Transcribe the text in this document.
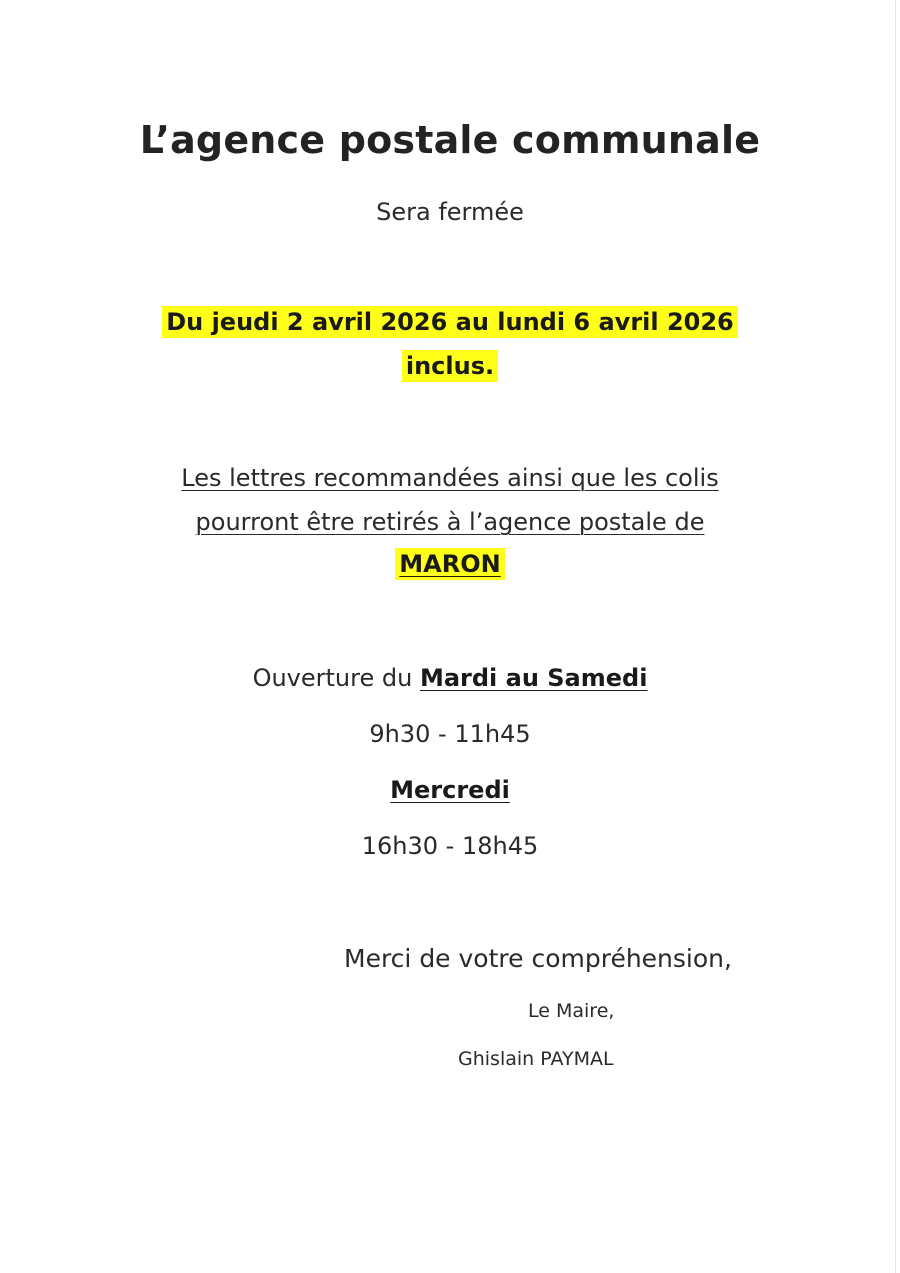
L’agence postale communale
Sera fermée
Du jeudi 2 avril 2026 au lundi 6 avril 2026
inclus.
Les lettres recommandées ainsi que les colis
pourront être retirés à l’agence postale de
MARON
Ouverture du Mardi au Samedi
9h30 - 11h45
Mercredi
16h30 - 18h45
Merci de votre compréhension,
Le Maire,
Ghislain PAYMAL
